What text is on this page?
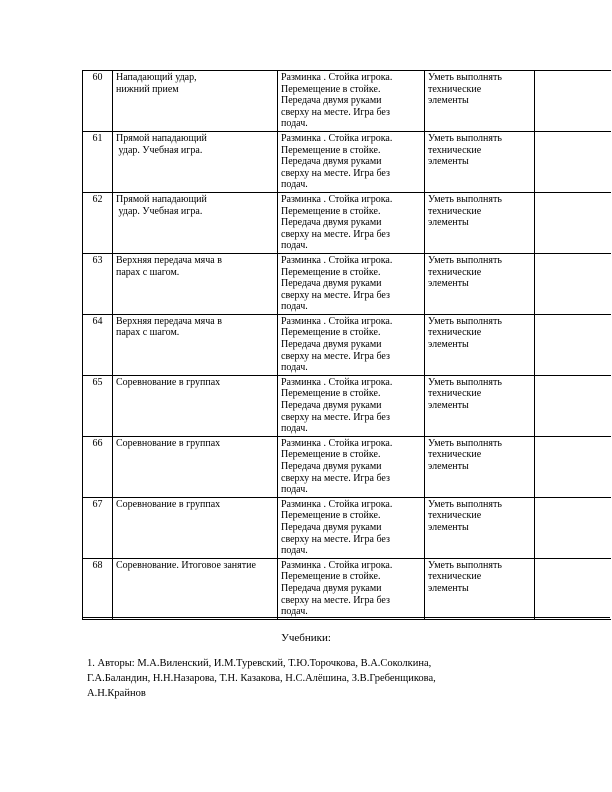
60	Нападающий удар,
нижний прием	Разминка . Стойка игрока.
Перемещение в стойке.
Передача двумя руками
сверху на месте. Игра без
подач.	Уметь выполнять
технические
элементы	
61	Прямой нападающий
удар. Учебная игра.	Разминка . Стойка игрока.
Перемещение в стойке.
Передача двумя руками
сверху на месте. Игра без
подач.	Уметь выполнять
технические
элементы	
62	Прямой нападающий
удар. Учебная игра.	Разминка . Стойка игрока.
Перемещение в стойке.
Передача двумя руками
сверху на месте. Игра без
подач.	Уметь выполнять
технические
элементы	
63	Верхняя передача мяча в
парах с шагом.	Разминка . Стойка игрока.
Перемещение в стойке.
Передача двумя руками
сверху на месте. Игра без
подач.	Уметь выполнять
технические
элементы	
64	Верхняя передача мяча в
парах с шагом.	Разминка . Стойка игрока.
Перемещение в стойке.
Передача двумя руками
сверху на месте. Игра без
подач.	Уметь выполнять
технические
элементы	
65	Соревнование в группах	Разминка . Стойка игрока.
Перемещение в стойке.
Передача двумя руками
сверху на месте. Игра без
подач.	Уметь выполнять
технические
элементы	
66	Соревнование в группах	Разминка . Стойка игрока.
Перемещение в стойке.
Передача двумя руками
сверху на месте. Игра без
подач.	Уметь выполнять
технические
элементы	
67	Соревнование в группах	Разминка . Стойка игрока.
Перемещение в стойке.
Передача двумя руками
сверху на месте. Игра без
подач.	Уметь выполнять
технические
элементы	
68	Соревнование. Итоговое занятие	Разминка . Стойка игрока.
Перемещение в стойке.
Передача двумя руками
сверху на месте. Игра без
подач.	Уметь выполнять
технические
элементы	
Учебники:
1. Авторы: М.А.Виленский, И.М.Туревский, Т.Ю.Торочкова, В.А.Соколкина,
Г.А.Баландин, Н.Н.Назарова, Т.Н. Казакова, Н.С.Алёшина, З.В.Гребенщикова,
А.Н.Крайнов
